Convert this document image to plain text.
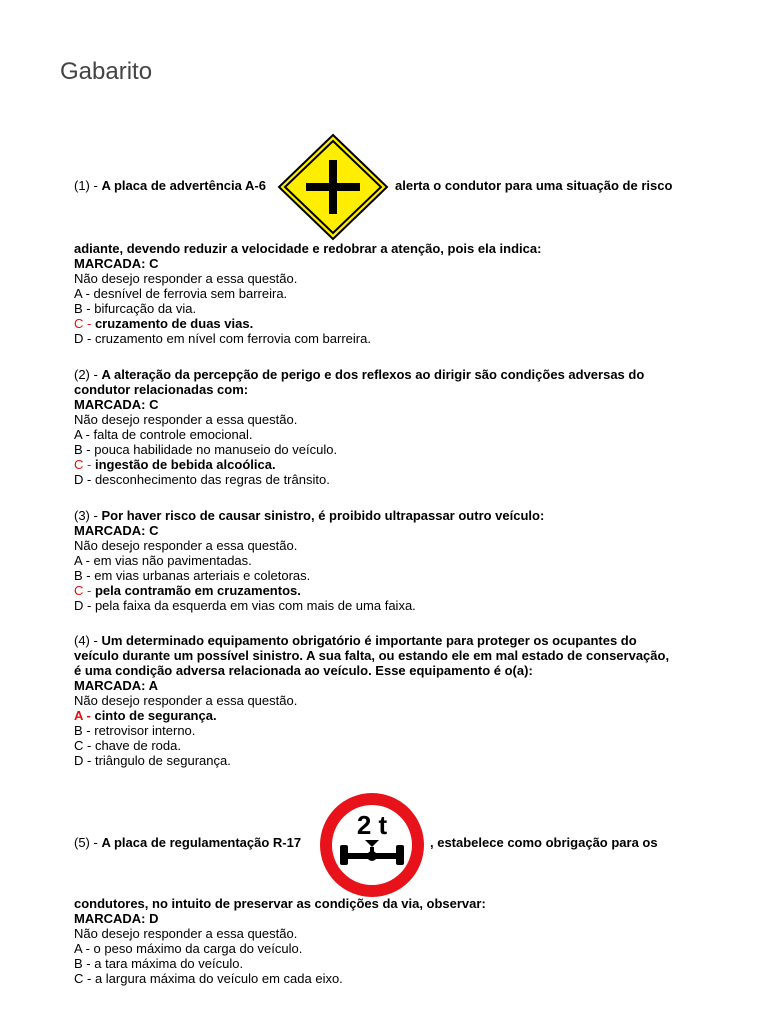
Gabarito
(1) - A placa de advertência A-6	alerta o condutor para uma situação de risco
adiante, devendo reduzir a velocidade e redobrar a atenção, pois ela indica:
MARCADA: C
Não desejo responder a essa questão.
A - desnível de ferrovia sem barreira.
B - bifurcação da via.
C - cruzamento de duas vias.
D - cruzamento em nível com ferrovia com barreira.
(2) - A alteração da percepção de perigo e dos reflexos ao dirigir são condições adversas do
condutor relacionadas com:
MARCADA: C
Não desejo responder a essa questão.
A - falta de controle emocional.
B - pouca habilidade no manuseio do veículo.
C - ingestão de bebida alcoólica.
D - desconhecimento das regras de trânsito.
(3) - Por haver risco de causar sinistro, é proibido ultrapassar outro veículo:
MARCADA: C
Não desejo responder a essa questão.
A - em vias não pavimentadas.
B - em vias urbanas arteriais e coletoras.
C - pela contramão em cruzamentos.
D - pela faixa da esquerda em vias com mais de uma faixa.
(4) - Um determinado equipamento obrigatório é importante para proteger os ocupantes do
veículo durante um possível sinistro. A sua falta, ou estando ele em mal estado de conservação,
é uma condição adversa relacionada ao veículo. Esse equipamento é o(a):
MARCADA: A
Não desejo responder a essa questão.
A - cinto de segurança.
B - retrovisor interno.
C - chave de roda.
D - triângulo de segurança.
(5) - A placa de regulamentação R-17	, estabelece como obrigação para os
2 t
condutores, no intuito de preservar as condições da via, observar:
MARCADA: D
Não desejo responder a essa questão.
A - o peso máximo da carga do veículo.
B - a tara máxima do veículo.
C - a largura máxima do veículo em cada eixo.
